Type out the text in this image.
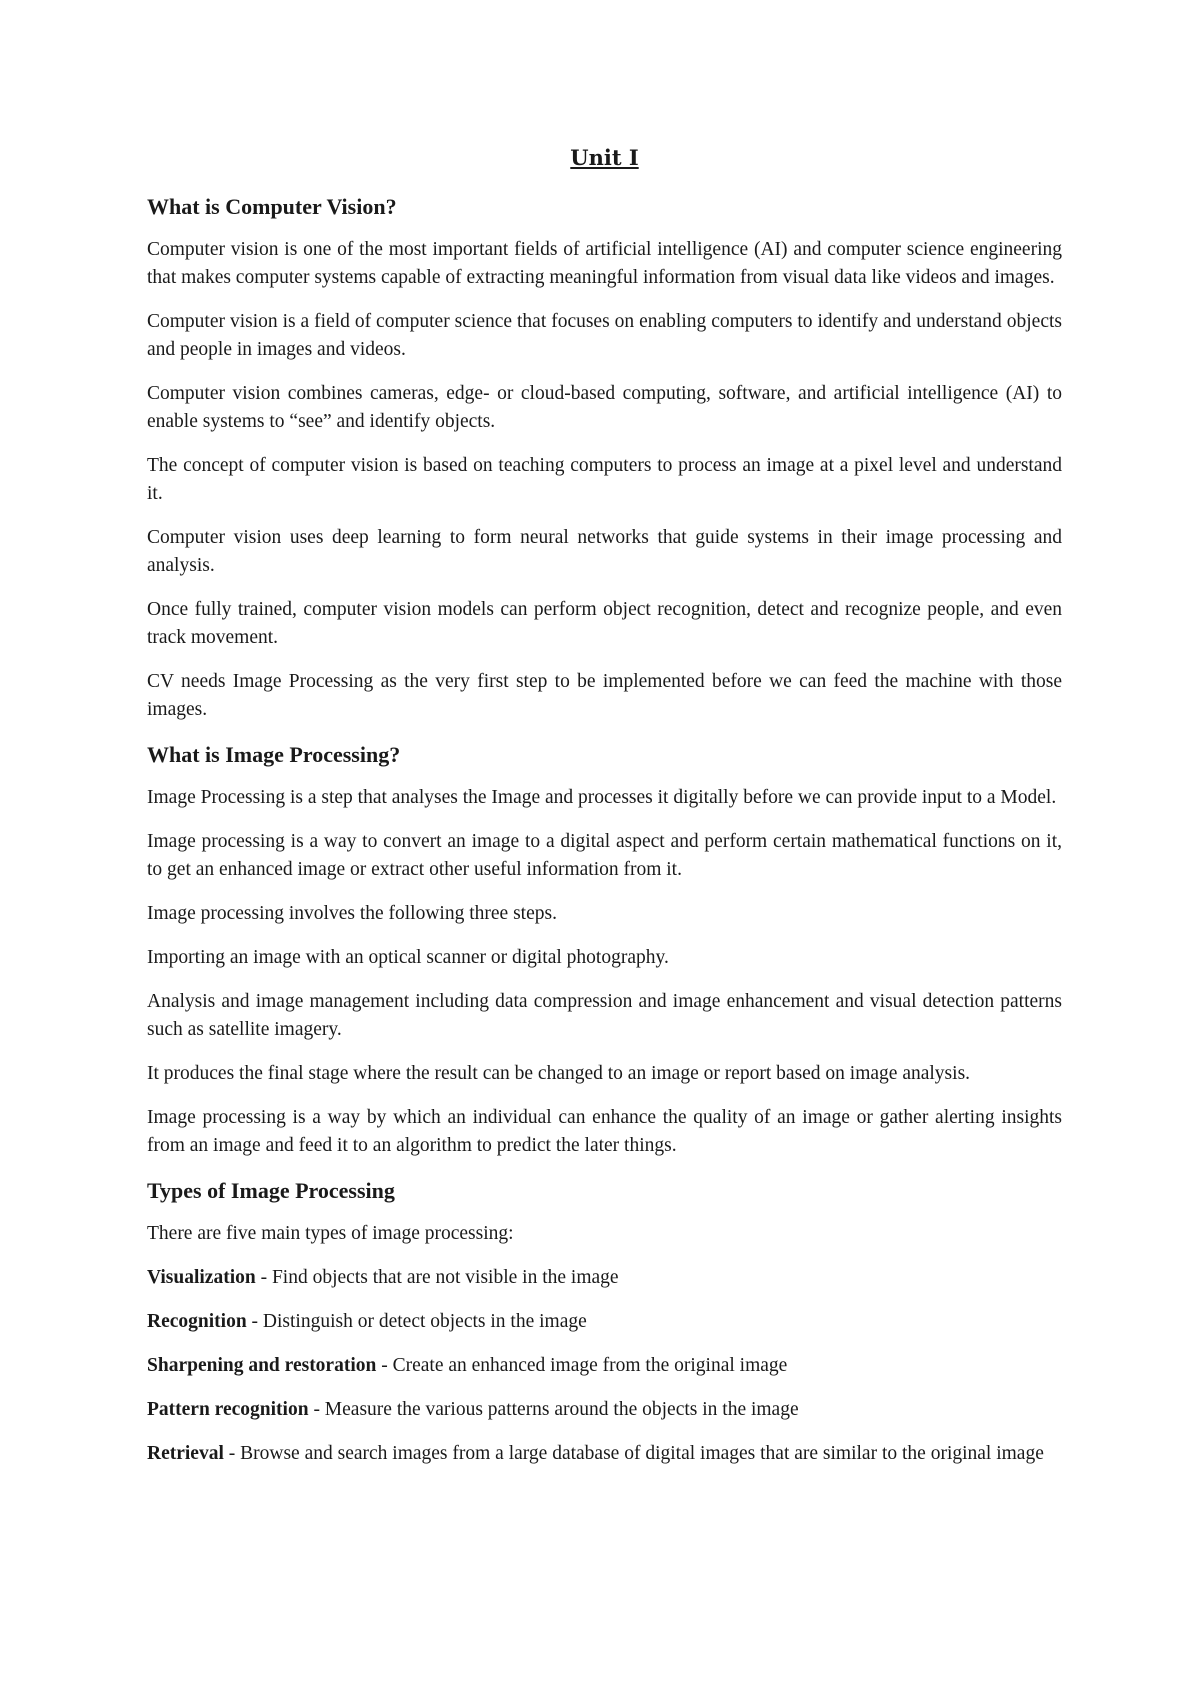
Unit I
What is Computer Vision?

Computer vision is one of the most important fields of artificial intelligence (AI) and computer science engineering that makes computer systems capable of extracting meaningful information from visual data like videos and images.

Computer vision is a field of computer science that focuses on enabling computers to identify and understand objects and people in images and videos.

Computer vision combines cameras, edge- or cloud-based computing, software, and artificial intelligence (AI) to enable systems to “see” and identify objects.

The concept of computer vision is based on teaching computers to process an image at a pixel level and understand it.

Computer vision uses deep learning to form neural networks that guide systems in their image processing and analysis.

Once fully trained, computer vision models can perform object recognition, detect and recognize people, and even track movement.

CV needs Image Processing as the very first step to be implemented before we can feed the machine with those images.

What is Image Processing?

Image Processing is a step that analyses the Image and processes it digitally before we can provide input to a Model.

Image processing is a way to convert an image to a digital aspect and perform certain mathematical functions on it, to get an enhanced image or extract other useful information from it.

Image processing involves the following three steps.

Importing an image with an optical scanner or digital photography.

Analysis and image management including data compression and image enhancement and visual detection patterns such as satellite imagery.

It produces the final stage where the result can be changed to an image or report based on image analysis.

Image processing is a way by which an individual can enhance the quality of an image or gather alerting insights from an image and feed it to an algorithm to predict the later things.

Types of Image Processing

There are five main types of image processing:

Visualization - Find objects that are not visible in the image

Recognition - Distinguish or detect objects in the image

Sharpening and restoration - Create an enhanced image from the original image

Pattern recognition - Measure the various patterns around the objects in the image

Retrieval - Browse and search images from a large database of digital images that are similar to the original image
